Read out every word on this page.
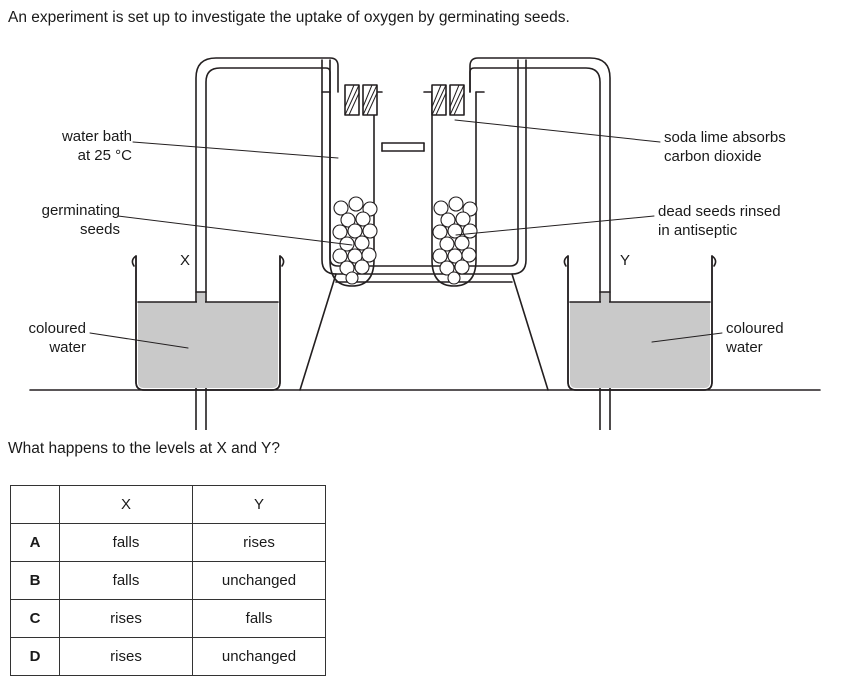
An experiment is set up to investigate the uptake of oxygen by germinating seeds.
water bath
at 25 °C
germinating
seeds
coloured
water
soda lime absorbs
carbon dioxide
dead seeds rinsed
in antiseptic
coloured
water
X	Y
What happens to the levels at X and Y?
	X	Y
A	falls	rises
B	falls	unchanged
C	rises	falls
D	rises	unchanged
